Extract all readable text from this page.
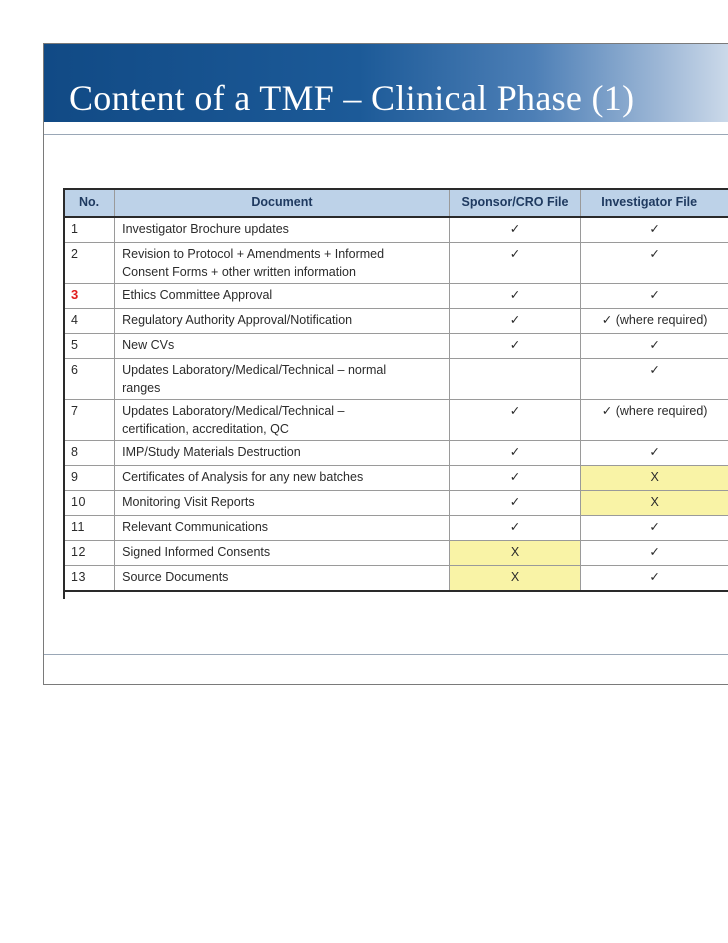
Content of a TMF – Clinical Phase (1)
No.	Document	Sponsor/CRO File	Investigator File
1	Investigator Brochure updates	✓	✓
2	Revision to Protocol + Amendments + Informed Consent Forms + other written information	✓	✓
3	Ethics Committee Approval	✓	✓
4	Regulatory Authority Approval/Notification	✓	✓ (where required)
5	New CVs	✓	✓
6	Updates Laboratory/Medical/Technical – normal ranges		✓
7	Updates Laboratory/Medical/Technical – certification, accreditation, QC	✓	✓ (where required)
8	IMP/Study Materials Destruction	✓	✓
9	Certificates of Analysis for any new batches	✓	X
10	Monitoring Visit Reports	✓	X
11	Relevant Communications	✓	✓
12	Signed Informed Consents	X	✓
13	Source Documents	X	✓
